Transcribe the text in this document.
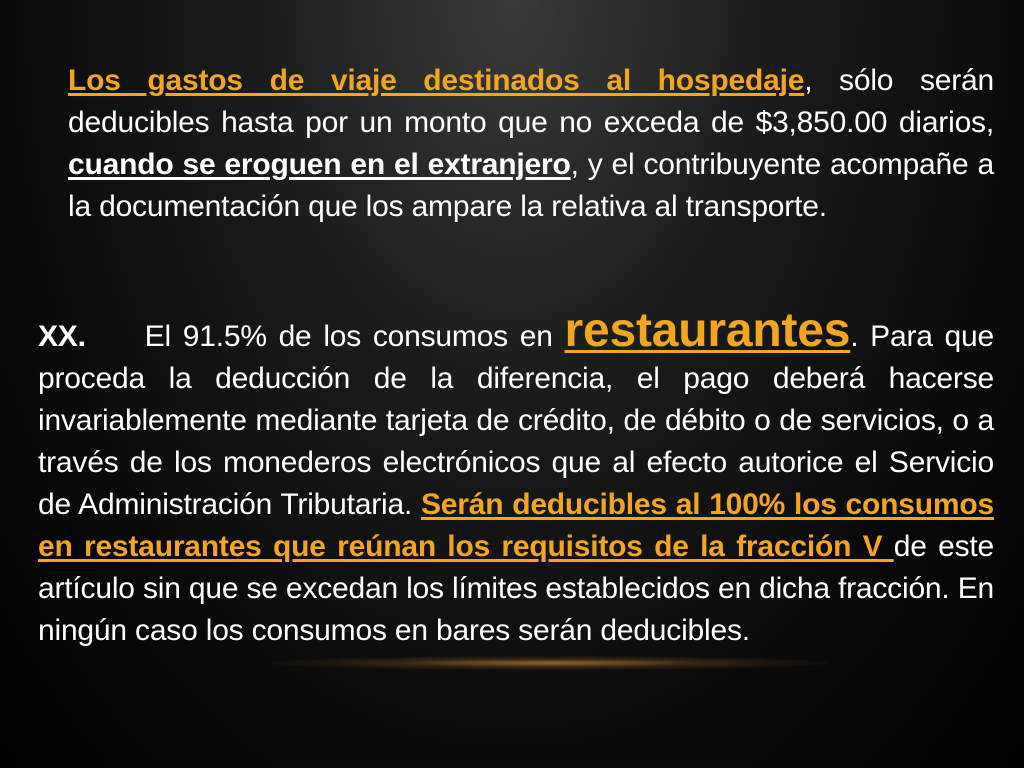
Los gastos de viaje destinados al hospedaje, sólo serán deducibles hasta por un monto que no exceda de $3,850.00 diarios, cuando se eroguen en el extranjero, y el contribuyente acompañe a la documentación que los ampare la relativa al transporte.

XX. El 91.5% de los consumos en restaurantes. Para que proceda la deducción de la diferencia, el pago deberá hacerse invariablemente mediante tarjeta de crédito, de débito o de servicios, o a través de los monederos electrónicos que al efecto autorice el Servicio de Administración Tributaria. Serán deducibles al 100% los consumos en restaurantes que reúnan los requisitos de la fracción V de este artículo sin que se excedan los límites establecidos en dicha fracción. En ningún caso los consumos en bares serán deducibles.
